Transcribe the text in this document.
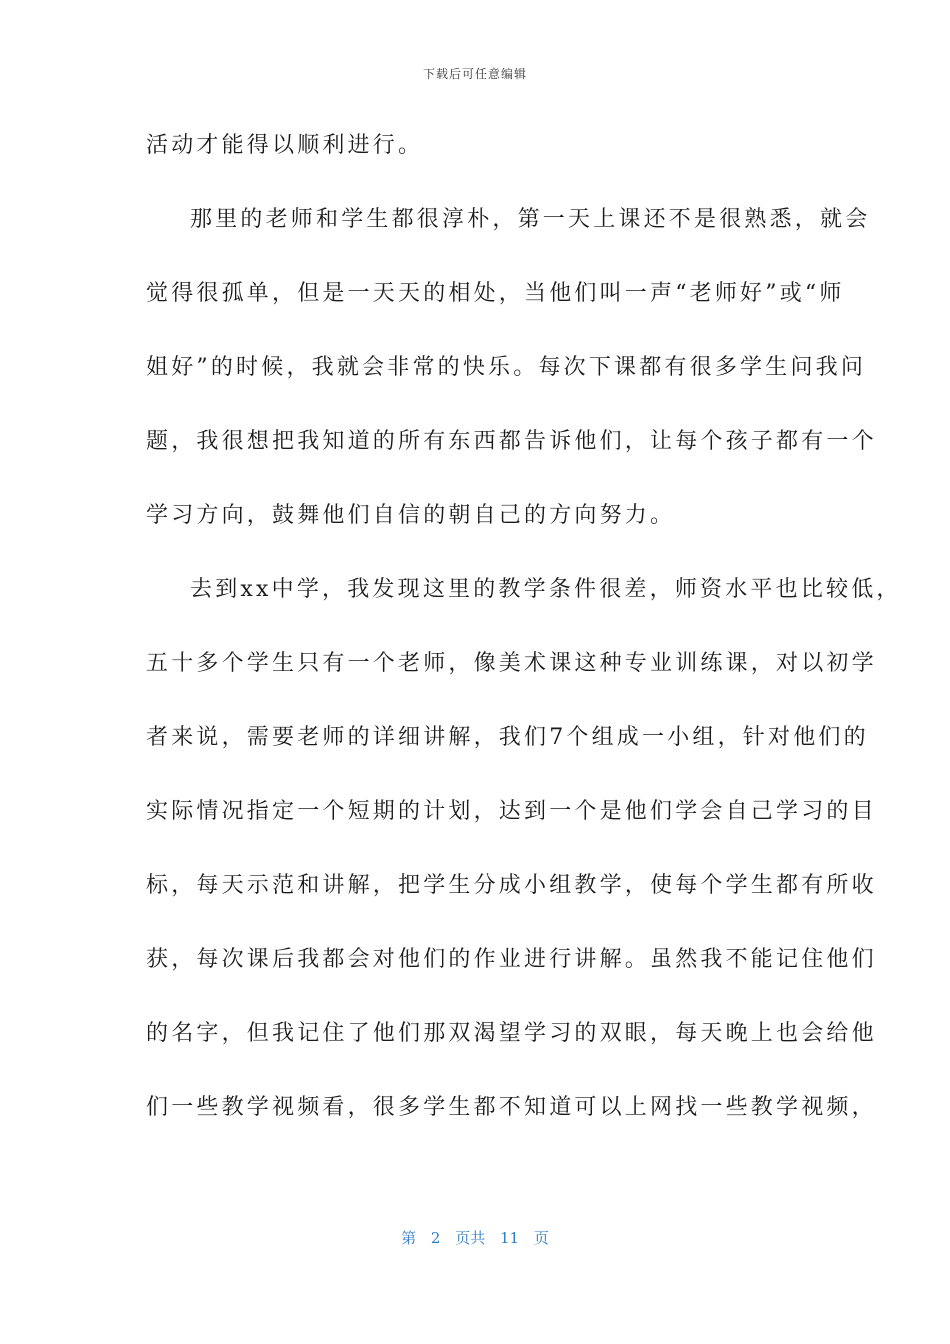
下载后可任意编辑
活动才能得以顺利进行。
那里的老师和学生都很淳朴，第一天上课还不是很熟悉，就会
觉得很孤单，但是一天天的相处，当他们叫一声“老师好”或“师
姐好”的时候，我就会非常的快乐。每次下课都有很多学生问我问
题，我很想把我知道的所有东西都告诉他们，让每个孩子都有一个
学习方向，鼓舞他们自信的朝自己的方向努力。
去到xx中学，我发现这里的教学条件很差，师资水平也比较低，
五十多个学生只有一个老师，像美术课这种专业训练课，对以初学
者来说，需要老师的详细讲解，我们7个组成一小组，针对他们的
实际情况指定一个短期的计划，达到一个是他们学会自己学习的目
标，每天示范和讲解，把学生分成小组教学，使每个学生都有所收
获，每次课后我都会对他们的作业进行讲解。虽然我不能记住他们
的名字，但我记住了他们那双渴望学习的双眼，每天晚上也会给他
们一些教学视频看，很多学生都不知道可以上网找一些教学视频，
第 2 页共 11 页
